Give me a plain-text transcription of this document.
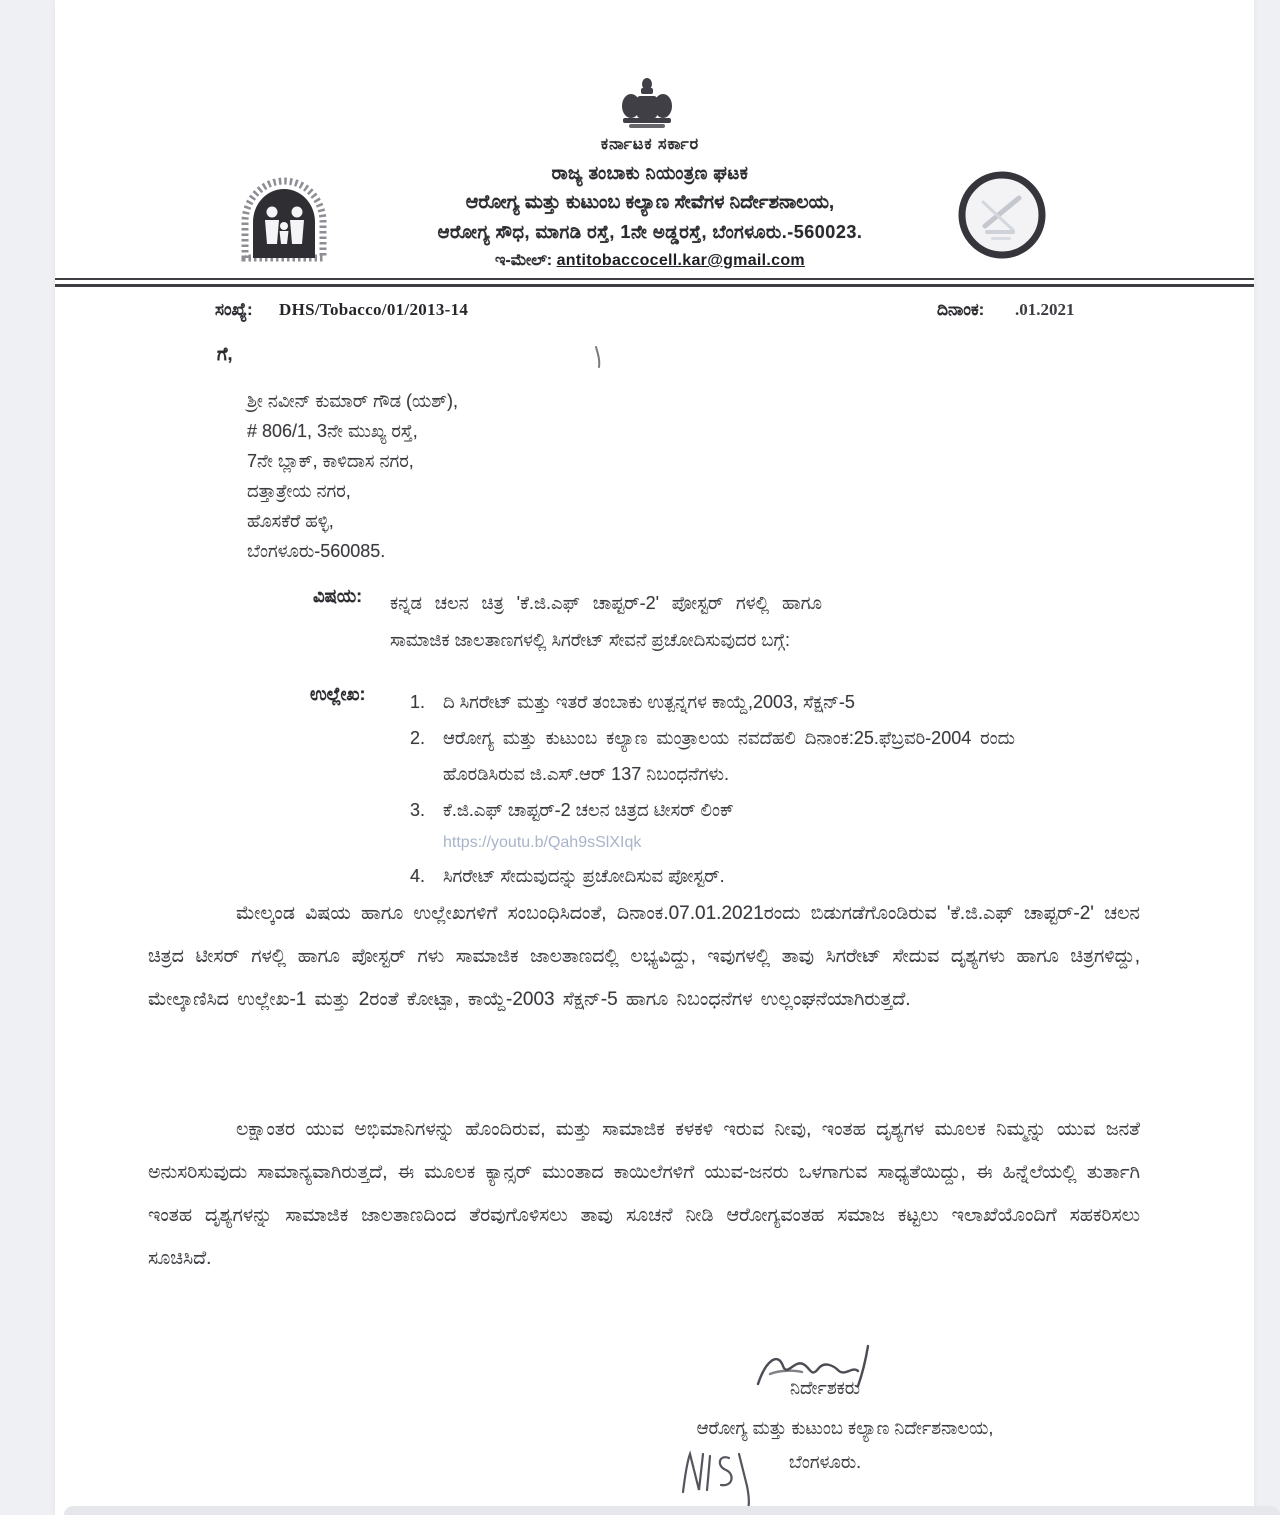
ಕರ್ನಾಟಕ ಸರ್ಕಾರ
ರಾಜ್ಯ ತಂಬಾಕು ನಿಯಂತ್ರಣ ಘಟಕ
ಆರೋಗ್ಯ ಮತ್ತು ಕುಟುಂಬ ಕಲ್ಯಾಣ ಸೇವೆಗಳ ನಿರ್ದೇಶನಾಲಯ,
ಆರೋಗ್ಯ ಸೌಧ, ಮಾಗಡಿ ರಸ್ತೆ, 1ನೇ ಅಡ್ಡರಸ್ತೆ, ಬೆಂಗಳೂರು.-560023.
ಇ-ಮೇಲ್: antitobaccocell.kar@gmail.com
ಸಂಖ್ಯೆ: DHS/Tobacco/01/2013-14	ದಿನಾಂಕ: .01.2021
ಗೆ,
ಶ್ರೀ ನವೀನ್ ಕುಮಾರ್ ಗೌಡ (ಯಶ್),
# 806/1, 3ನೇ ಮುಖ್ಯ ರಸ್ತೆ,
7ನೇ ಬ್ಲಾಕ್, ಕಾಳಿದಾಸ ನಗರ,
ದತ್ತಾತ್ರೇಯ ನಗರ,
ಹೊಸಕೆರೆ ಹಳ್ಳಿ,
ಬೆಂಗಳೂರು-560085.
ವಿಷಯ: ಕನ್ನಡ ಚಲನ ಚಿತ್ರ 'ಕೆ.ಜಿ.ಎಫ್ ಚಾಪ್ಟರ್-2' ಪೋಸ್ಟರ್ ಗಳಲ್ಲಿ ಹಾಗೂ ಸಾಮಾಜಿಕ ಜಾಲತಾಣಗಳಲ್ಲಿ ಸಿಗರೇಟ್ ಸೇವನೆ ಪ್ರಚೋದಿಸುವುದರ ಬಗ್ಗೆ:
ಉಲ್ಲೇಖ: 1. ದಿ ಸಿಗರೇಟ್ ಮತ್ತು ಇತರೆ ತಂಬಾಕು ಉತ್ಪನ್ನಗಳ ಕಾಯ್ದೆ,2003, ಸೆಕ್ಷನ್-5
2. ಆರೋಗ್ಯ ಮತ್ತು ಕುಟುಂಬ ಕಲ್ಯಾಣ ಮಂತ್ರಾಲಯ ನವದೆಹಲಿ ದಿನಾಂಕ:25.ಫೆಬ್ರವರಿ-2004 ರಂದು ಹೊರಡಿಸಿರುವ ಜಿ.ಎಸ್.ಆರ್ 137 ನಿಬಂಧನೆಗಳು.
3. ಕೆ.ಜಿ.ಎಫ್ ಚಾಪ್ಟರ್-2 ಚಲನ ಚಿತ್ರದ ಟೀಸರ್ ಲಿಂಕ್
https://youtu.b/Qah9sSlXIqk
4. ಸಿಗರೇಟ್ ಸೇದುವುದನ್ನು ಪ್ರಚೋದಿಸುವ ಪೋಸ್ಟರ್.
ಮೇಲ್ಕಂಡ ವಿಷಯ ಹಾಗೂ ಉಲ್ಲೇಖಗಳಿಗೆ ಸಂಬಂಧಿಸಿದಂತೆ, ದಿನಾಂಕ.07.01.2021ರಂದು ಬಿಡುಗಡೆಗೊಂಡಿರುವ 'ಕೆ.ಜಿ.ಎಫ್ ಚಾಪ್ಟರ್-2' ಚಲನ ಚಿತ್ರದ ಟೀಸರ್ ಗಳಲ್ಲಿ ಹಾಗೂ ಪೋಸ್ಟರ್ ಗಳು ಸಾಮಾಜಿಕ ಜಾಲತಾಣದಲ್ಲಿ ಲಭ್ಯವಿದ್ದು, ಇವುಗಳಲ್ಲಿ ತಾವು ಸಿಗರೇಟ್ ಸೇದುವ ದೃಶ್ಯಗಳು ಹಾಗೂ ಚಿತ್ರಗಳಿದ್ದು, ಮೇಲ್ಕಾಣಿಸಿದ ಉಲ್ಲೇಖ-1 ಮತ್ತು 2ರಂತೆ ಕೋಟ್ಪಾ, ಕಾಯ್ದೆ-2003 ಸೆಕ್ಷನ್-5 ಹಾಗೂ ನಿಬಂಧನೆಗಳ ಉಲ್ಲಂಘನೆಯಾಗಿರುತ್ತದೆ.
ಲಕ್ಷಾಂತರ ಯುವ ಅಭಿಮಾನಿಗಳನ್ನು ಹೊಂದಿರುವ, ಮತ್ತು ಸಾಮಾಜಿಕ ಕಳಕಳಿ ಇರುವ ನೀವು, ಇಂತಹ ದೃಶ್ಯಗಳ ಮೂಲಕ ನಿಮ್ಮನ್ನು ಯುವ ಜನತೆ ಅನುಸರಿಸುವುದು ಸಾಮಾನ್ಯವಾಗಿರುತ್ತದೆ, ಈ ಮೂಲಕ ಕ್ಯಾನ್ಸರ್ ಮುಂತಾದ ಕಾಯಿಲೆಗಳಿಗೆ ಯುವ-ಜನರು ಒಳಗಾಗುವ ಸಾಧ್ಯತೆಯಿದ್ದು, ಈ ಹಿನ್ನೆಲೆಯಲ್ಲಿ ತುರ್ತಾಗಿ ಇಂತಹ ದೃಶ್ಯಗಳನ್ನು ಸಾಮಾಜಿಕ ಜಾಲತಾಣದಿಂದ ತೆರವುಗೊಳಿಸಲು ತಾವು ಸೂಚನೆ ನೀಡಿ ಆರೋಗ್ಯವಂತಹ ಸಮಾಜ ಕಟ್ಟಲು ಇಲಾಖೆಯೊಂದಿಗೆ ಸಹಕರಿಸಲು ಸೂಚಿಸಿದೆ.
ನಿರ್ದೇಶಕರು
ಆರೋಗ್ಯ ಮತ್ತು ಕುಟುಂಬ ಕಲ್ಯಾಣ ನಿರ್ದೇಶನಾಲಯ,
ಬೆಂಗಳೂರು.
